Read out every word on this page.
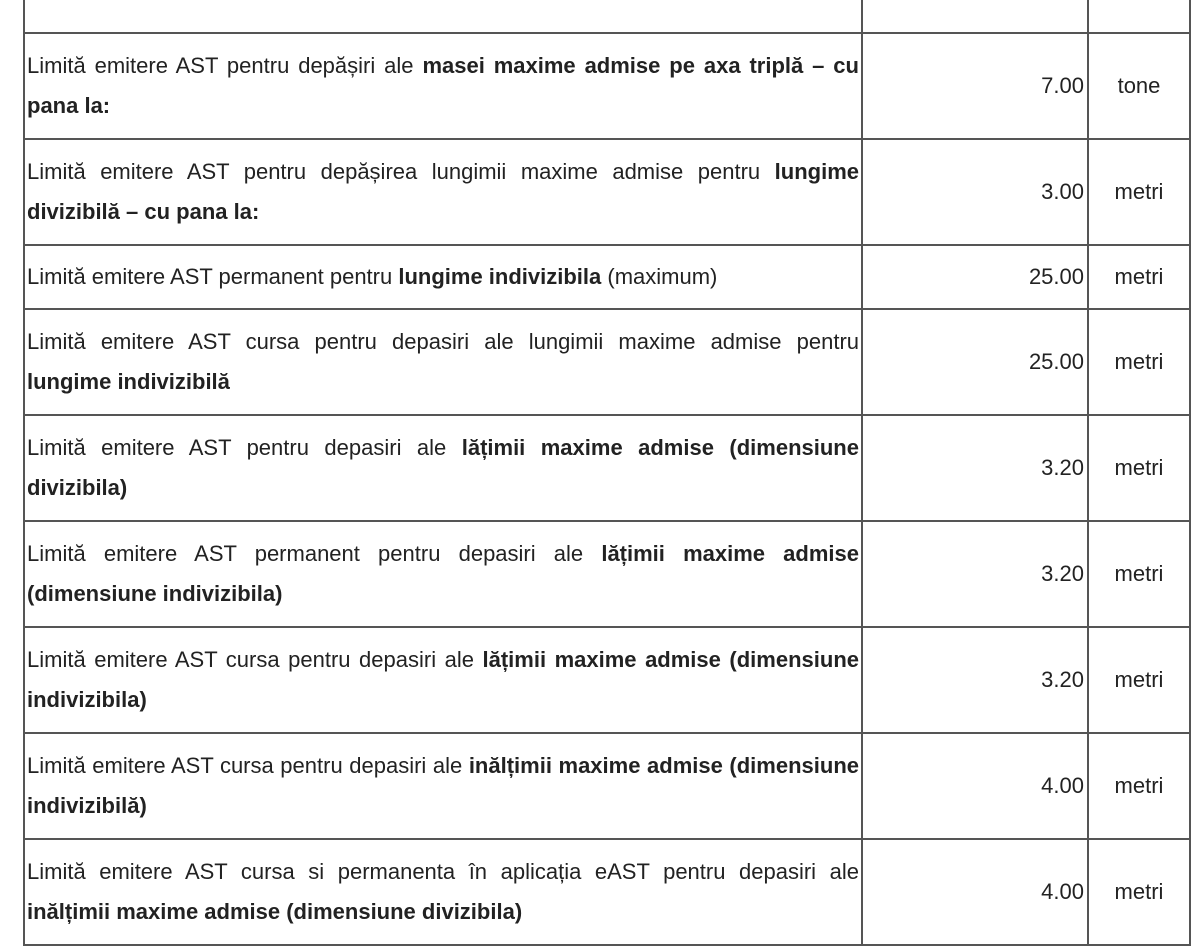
Limită emitere AST pentru depășiri ale masei maxime admise pe axa triplă – cu pana la:	7.00	tone
Limită emitere AST pentru depășirea lungimii maxime admise pentru lungime divizibilă – cu pana la:	3.00	metri
Limită emitere AST permanent pentru lungime indivizibila (maximum)	25.00	metri
Limită emitere AST cursa pentru depasiri ale lungimii maxime admise pentru lungime indivizibilă	25.00	metri
Limită emitere AST pentru depasiri ale lățimii maxime admise (dimensiune divizibila)	3.20	metri
Limită emitere AST permanent pentru depasiri ale lățimii maxime admise (dimensiune indivizibila)	3.20	metri
Limită emitere AST cursa pentru depasiri ale lățimii maxime admise (dimensiune indivizibila)	3.20	metri
Limită emitere AST cursa pentru depasiri ale inălțimii maxime admise (dimensiune indivizibilă)	4.00	metri
Limită emitere AST cursa si permanenta în aplicația eAST pentru depasiri ale inălțimii maxime admise (dimensiune divizibila)	4.00	metri
